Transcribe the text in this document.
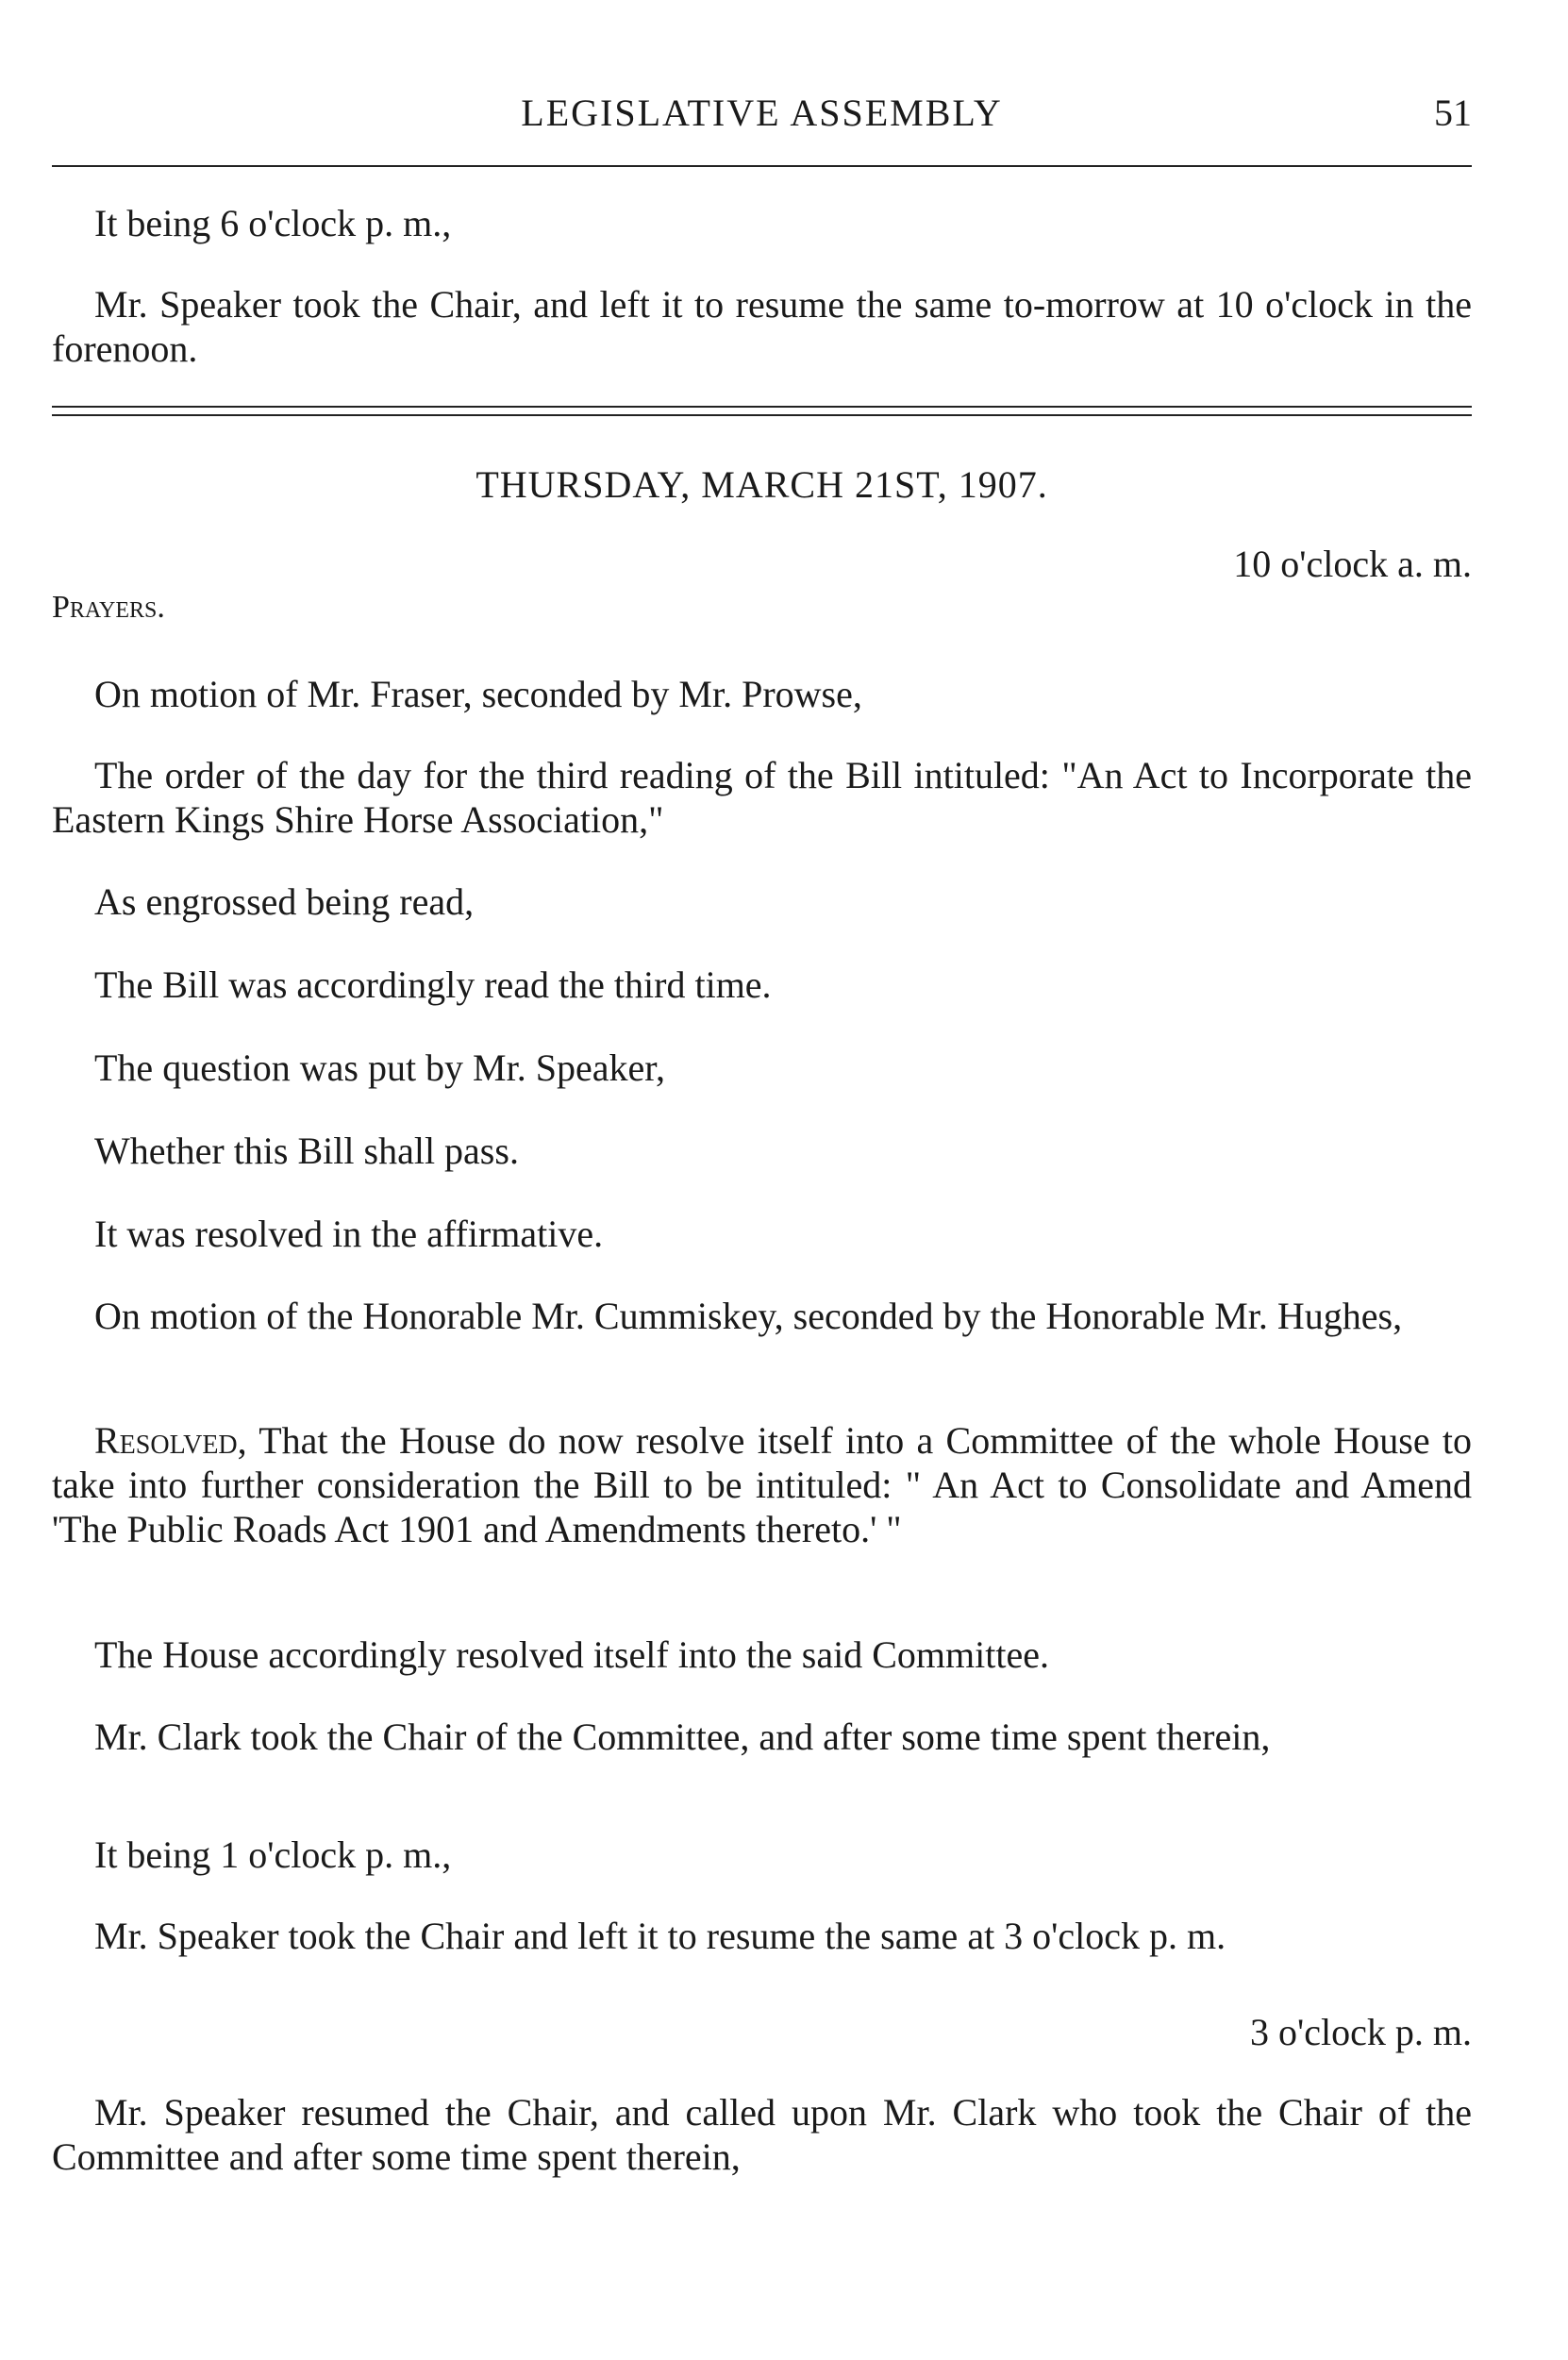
LEGISLATIVE ASSEMBLY	51
It being 6 o'clock p. m.,
Mr. Speaker took the Chair, and left it to resume the same to-morrow at 10 o'clock in the forenoon.
THURSDAY, MARCH 21ST, 1907.
10 o'clock a. m.
Prayers.
On motion of Mr. Fraser, seconded by Mr. Prowse,
The order of the day for the third reading of the Bill intituled: "An Act to Incorporate the Eastern Kings Shire Horse Association,"
As engrossed being read,
The Bill was accordingly read the third time.
The question was put by Mr. Speaker,
Whether this Bill shall pass.
It was resolved in the affirmative.
On motion of the Honorable Mr. Cummiskey, seconded by the Honorable Mr. Hughes,
Resolved, That the House do now resolve itself into a Committee of the whole House to take into further consideration the Bill to be intituled: " An Act to Consolidate and Amend 'The Public Roads Act 1901 and Amendments thereto.' "
The House accordingly resolved itself into the said Committee.
Mr. Clark took the Chair of the Committee, and after some time spent therein,
It being 1 o'clock p. m.,
Mr. Speaker took the Chair and left it to resume the same at 3 o'clock p. m.
3 o'clock p. m.
Mr. Speaker resumed the Chair, and called upon Mr. Clark who took the Chair of the Committee and after some time spent therein,
